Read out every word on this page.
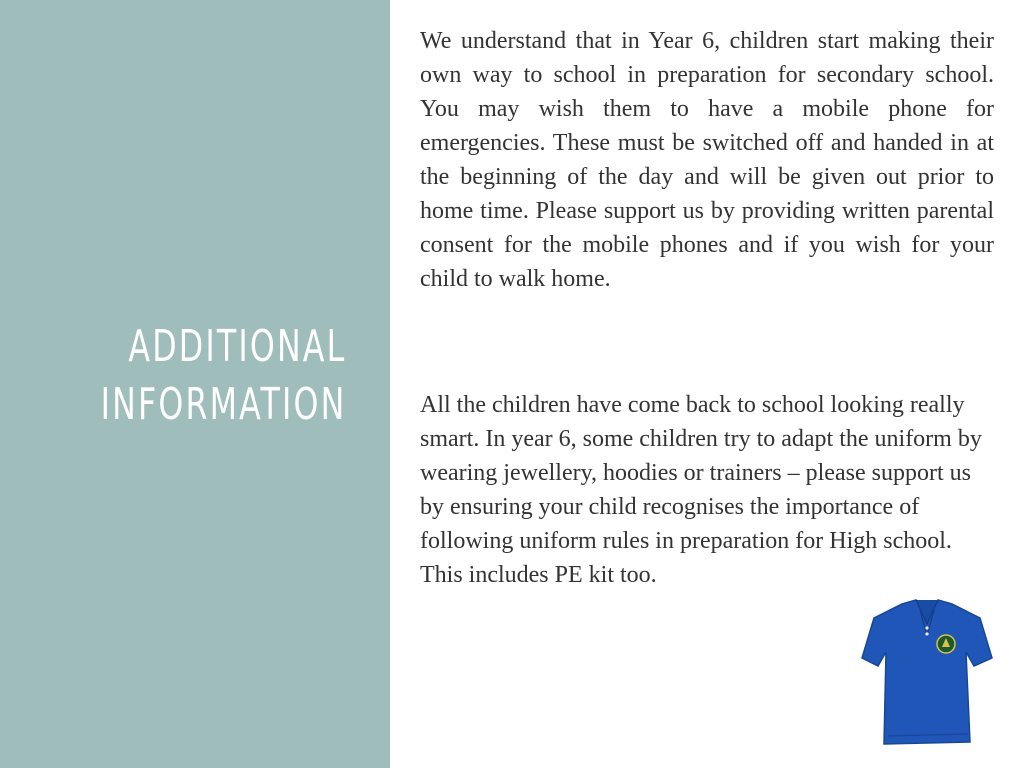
ADDITIONAL
INFORMATION

We understand that in Year 6, children start making their own way to school in preparation for secondary school. You may wish them to have a mobile phone for emergencies. These must be switched off and handed in at the beginning of the day and will be given out prior to home time. Please support us by providing written parental consent for the mobile phones and if you wish for your child to walk home.

All the children have come back to school looking really smart. In year 6, some children try to adapt the uniform by wearing jewellery, hoodies or trainers – please support us by ensuring your child recognises the importance of following uniform rules in preparation for High school. This includes PE kit too.
